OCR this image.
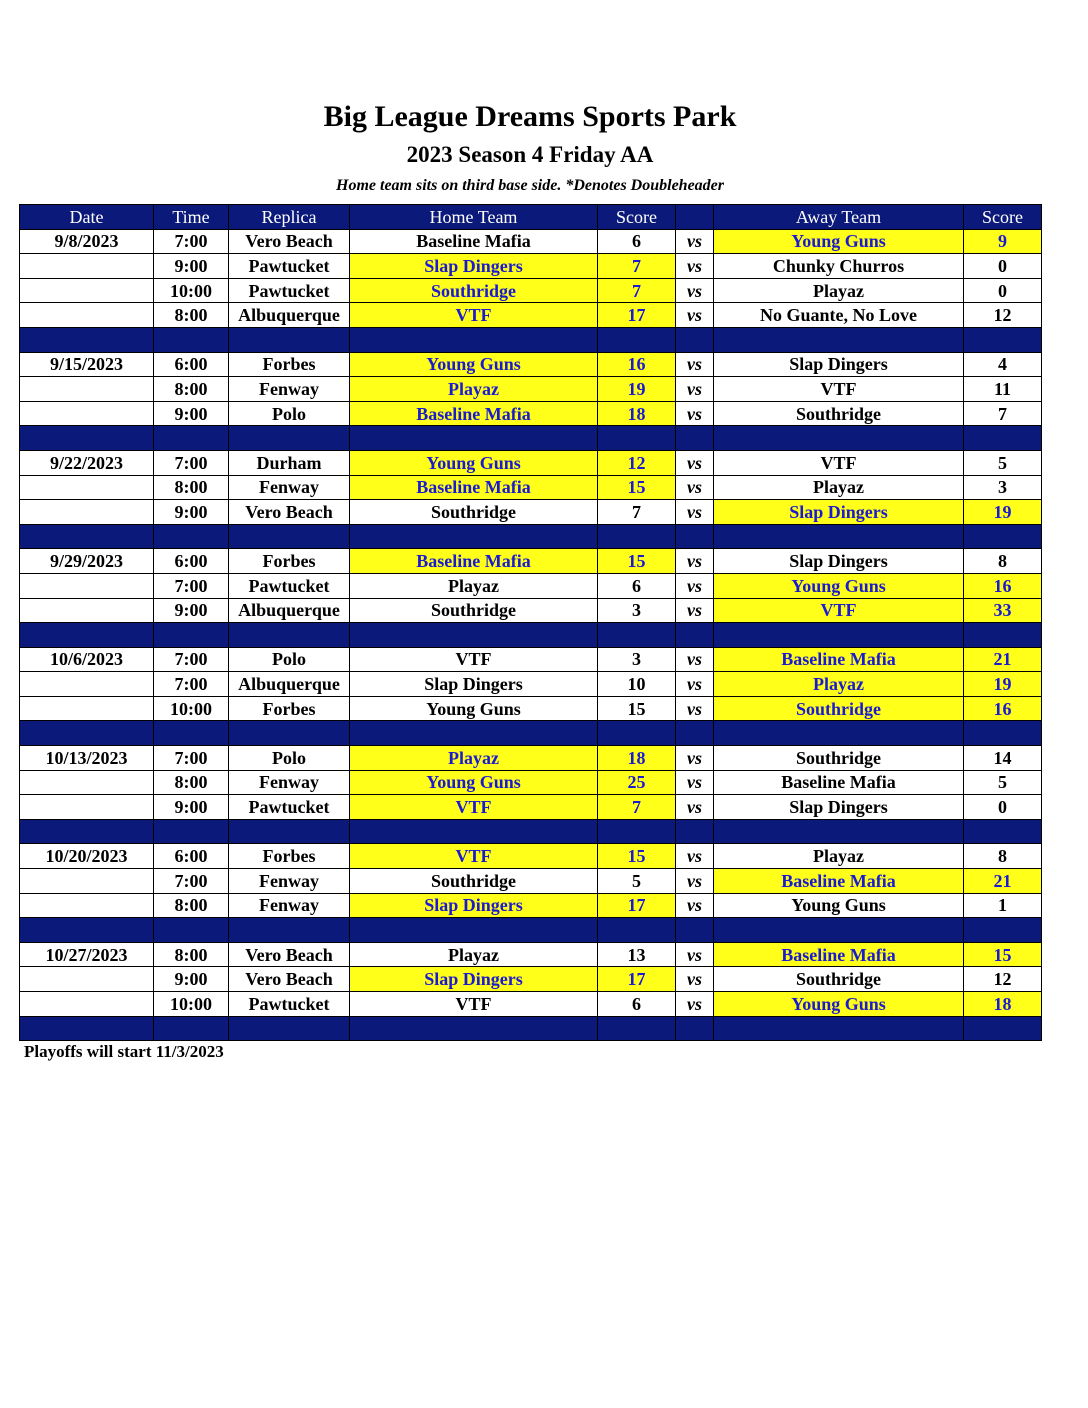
Big League Dreams Sports Park
2023 Season 4 Friday AA
Home team sits on third base side. *Denotes Doubleheader
Date	Time	Replica	Home Team	Score		Away Team	Score
9/8/2023	7:00	Vero Beach	Baseline Mafia	6	vs	Young Guns	9
	9:00	Pawtucket	Slap Dingers	7	vs	Chunky Churros	0
	10:00	Pawtucket	Southridge	7	vs	Playaz	0
	8:00	Albuquerque	VTF	17	vs	No Guante, No Love	12

9/15/2023	6:00	Forbes	Young Guns	16	vs	Slap Dingers	4
	8:00	Fenway	Playaz	19	vs	VTF	11
	9:00	Polo	Baseline Mafia	18	vs	Southridge	7

9/22/2023	7:00	Durham	Young Guns	12	vs	VTF	5
	8:00	Fenway	Baseline Mafia	15	vs	Playaz	3
	9:00	Vero Beach	Southridge	7	vs	Slap Dingers	19

9/29/2023	6:00	Forbes	Baseline Mafia	15	vs	Slap Dingers	8
	7:00	Pawtucket	Playaz	6	vs	Young Guns	16
	9:00	Albuquerque	Southridge	3	vs	VTF	33

10/6/2023	7:00	Polo	VTF	3	vs	Baseline Mafia	21
	7:00	Albuquerque	Slap Dingers	10	vs	Playaz	19
	10:00	Forbes	Young Guns	15	vs	Southridge	16

10/13/2023	7:00	Polo	Playaz	18	vs	Southridge	14
	8:00	Fenway	Young Guns	25	vs	Baseline Mafia	5
	9:00	Pawtucket	VTF	7	vs	Slap Dingers	0

10/20/2023	6:00	Forbes	VTF	15	vs	Playaz	8
	7:00	Fenway	Southridge	5	vs	Baseline Mafia	21
	8:00	Fenway	Slap Dingers	17	vs	Young Guns	1

10/27/2023	8:00	Vero Beach	Playaz	13	vs	Baseline Mafia	15
	9:00	Vero Beach	Slap Dingers	17	vs	Southridge	12
	10:00	Pawtucket	VTF	6	vs	Young Guns	18

Playoffs will start 11/3/2023
